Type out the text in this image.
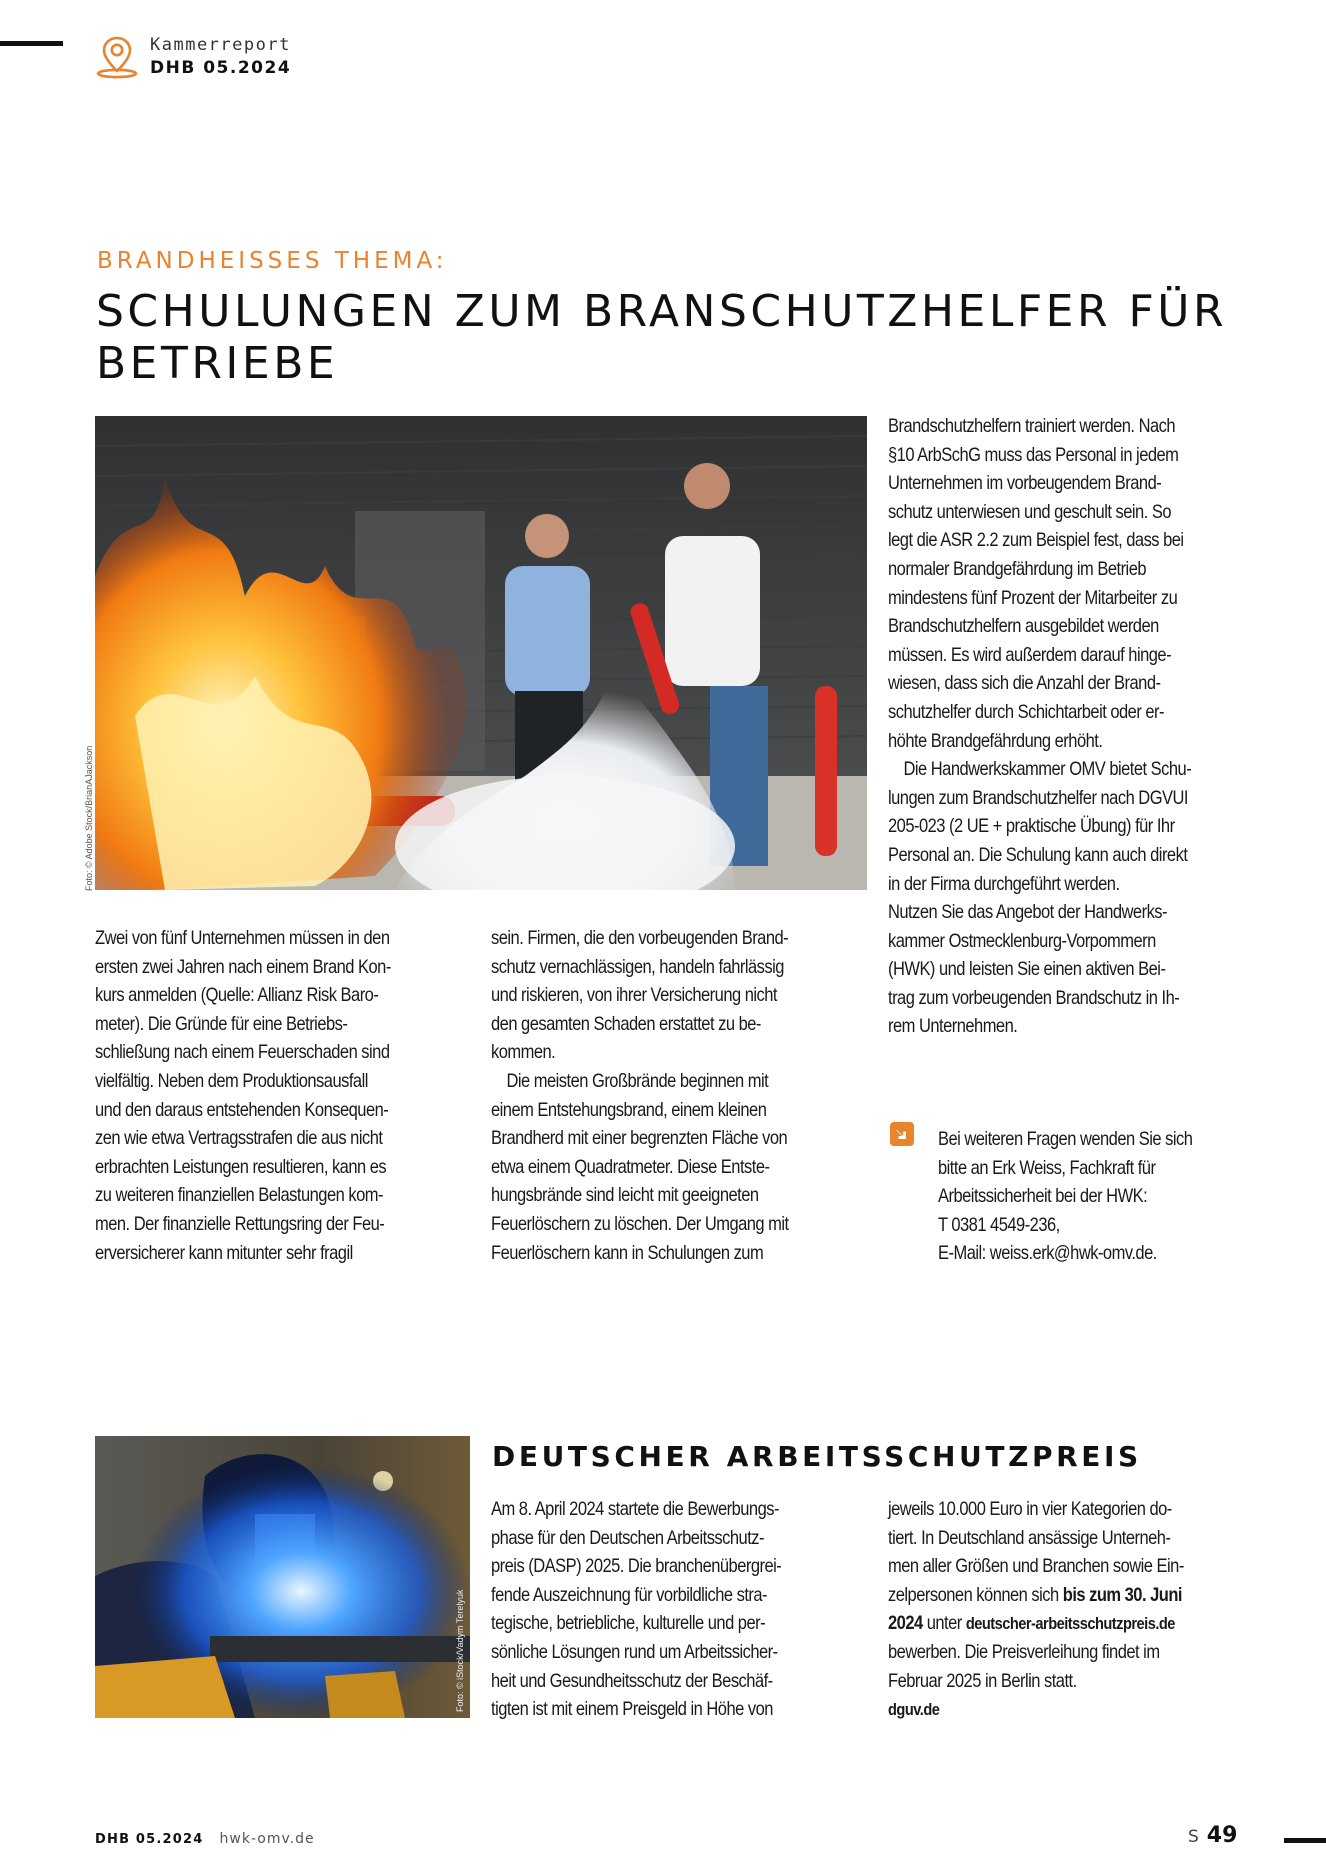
Kammerreport
DHB 05.2024
BRANDHEISSES THEMA:
SCHULUNGEN ZUM BRANSCHUTZHELFER FÜR BETRIEBE
Foto: © Adobe Stock/BrianAJackson
Zwei von fünf Unternehmen müssen in den
ersten zwei Jahren nach einem Brand Kon-
kurs anmelden (Quelle: Allianz Risk Baro-
meter). Die Gründe für eine Betriebs-
schließung nach einem Feuerschaden sind
vielfältig. Neben dem Produktionsausfall
und den daraus entstehenden Konsequen-
zen wie etwa Vertragsstrafen die aus nicht
erbrachten Leistungen resultieren, kann es
zu weiteren finanziellen Belastungen kom-
men. Der finanzielle Rettungsring der Feu-
erversicherer kann mitunter sehr fragil
sein. Firmen, die den vorbeugenden Brand-
schutz vernachlässigen, handeln fahrlässig
und riskieren, von ihrer Versicherung nicht
den gesamten Schaden erstattet zu be-
kommen.
Die meisten Großbrände beginnen mit
einem Entstehungsbrand, einem kleinen
Brandherd mit einer begrenzten Fläche von
etwa einem Quadratmeter. Diese Entste-
hungsbrände sind leicht mit geeigneten
Feuerlöschern zu löschen. Der Umgang mit
Feuerlöschern kann in Schulungen zum
Brandschutzhelfern trainiert werden. Nach
§10 ArbSchG muss das Personal in jedem
Unternehmen im vorbeugendem Brand-
schutz unterwiesen und geschult sein. So
legt die ASR 2.2 zum Beispiel fest, dass bei
normaler Brandgefährdung im Betrieb
mindestens fünf Prozent der Mitarbeiter zu
Brandschutzhelfern ausgebildet werden
müssen. Es wird außerdem darauf hinge-
wiesen, dass sich die Anzahl der Brand-
schutzhelfer durch Schichtarbeit oder er-
höhte Brandgefährdung erhöht.
Die Handwerkskammer OMV bietet Schu-
lungen zum Brandschutzhelfer nach DGVUI
205-023 (2 UE + praktische Übung) für Ihr
Personal an. Die Schulung kann auch direkt
in der Firma durchgeführt werden.
Nutzen Sie das Angebot der Handwerks-
kammer Ostmecklenburg-Vorpommern
(HWK) und leisten Sie einen aktiven Bei-
trag zum vorbeugenden Brandschutz in Ih-
rem Unternehmen.
Bei weiteren Fragen wenden Sie sich
bitte an Erk Weiss, Fachkraft für
Arbeitssicherheit bei der HWK:
T 0381 4549-236,
E-Mail: weiss.erk@hwk-omv.de.
Foto: © iStock/Vadym Terelyuk
DEUTSCHER ARBEITSSCHUTZPREIS
Am 8. April 2024 startete die Bewerbungs-
phase für den Deutschen Arbeitsschutz-
preis (DASP) 2025. Die branchenübergrei-
fende Auszeichnung für vorbildliche stra-
tegische, betriebliche, kulturelle und per-
sönliche Lösungen rund um Arbeitssicher-
heit und Gesundheitsschutz der Beschäf-
tigten ist mit einem Preisgeld in Höhe von
jeweils 10.000 Euro in vier Kategorien do-
tiert. In Deutschland ansässige Unterneh-
men aller Größen und Branchen sowie Ein-
zelpersonen können sich bis zum 30. Juni
2024 unter deutscher-arbeitsschutzpreis.de
bewerben. Die Preisverleihung findet im
Februar 2025 in Berlin statt.
dguv.de
DHB 05.2024 hwk-omv.de	S 49
